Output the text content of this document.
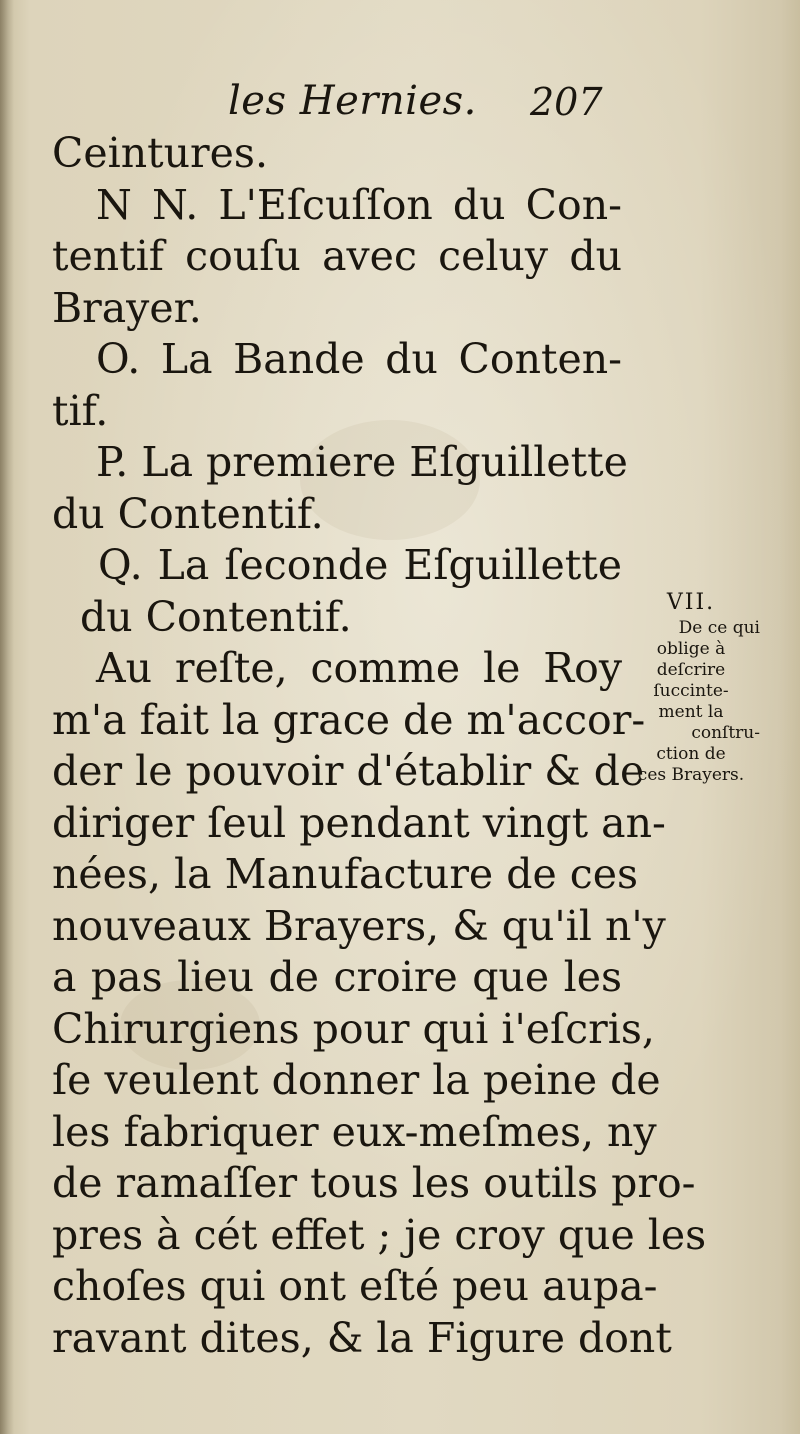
les Hernies. 207
Ceintures.
N N. L'Eſcuſſon du Con-
tentif couſu avec celuy du
Brayer.
O. La Bande du Conten-
tif.
P. La premiere Eſguillette
du Contentif.
Q. La ſeconde Eſguillette
du Contentif.
Au reſte, comme le Roy
m'a fait la grace de m'accor-
der le pouvoir d'établir & de
diriger ſeul pendant vingt an-
nées, la Manufacture de ces
nouveaux Brayers, & qu'il n'y
a pas lieu de croire que les
Chirurgiens pour qui i'eſcris,
ſe veulent donner la peine de
les fabriquer eux-meſmes, ny
de ramaſſer tous les outils pro-
pres à cét effet ; je croy que les
choſes qui ont eſté peu aupa-
ravant dites, & la Figure dont
VII.
De ce qui
oblige à
deſcrire
ſuccinte-
ment la
conſtru-
ction de
ces Brayers.
